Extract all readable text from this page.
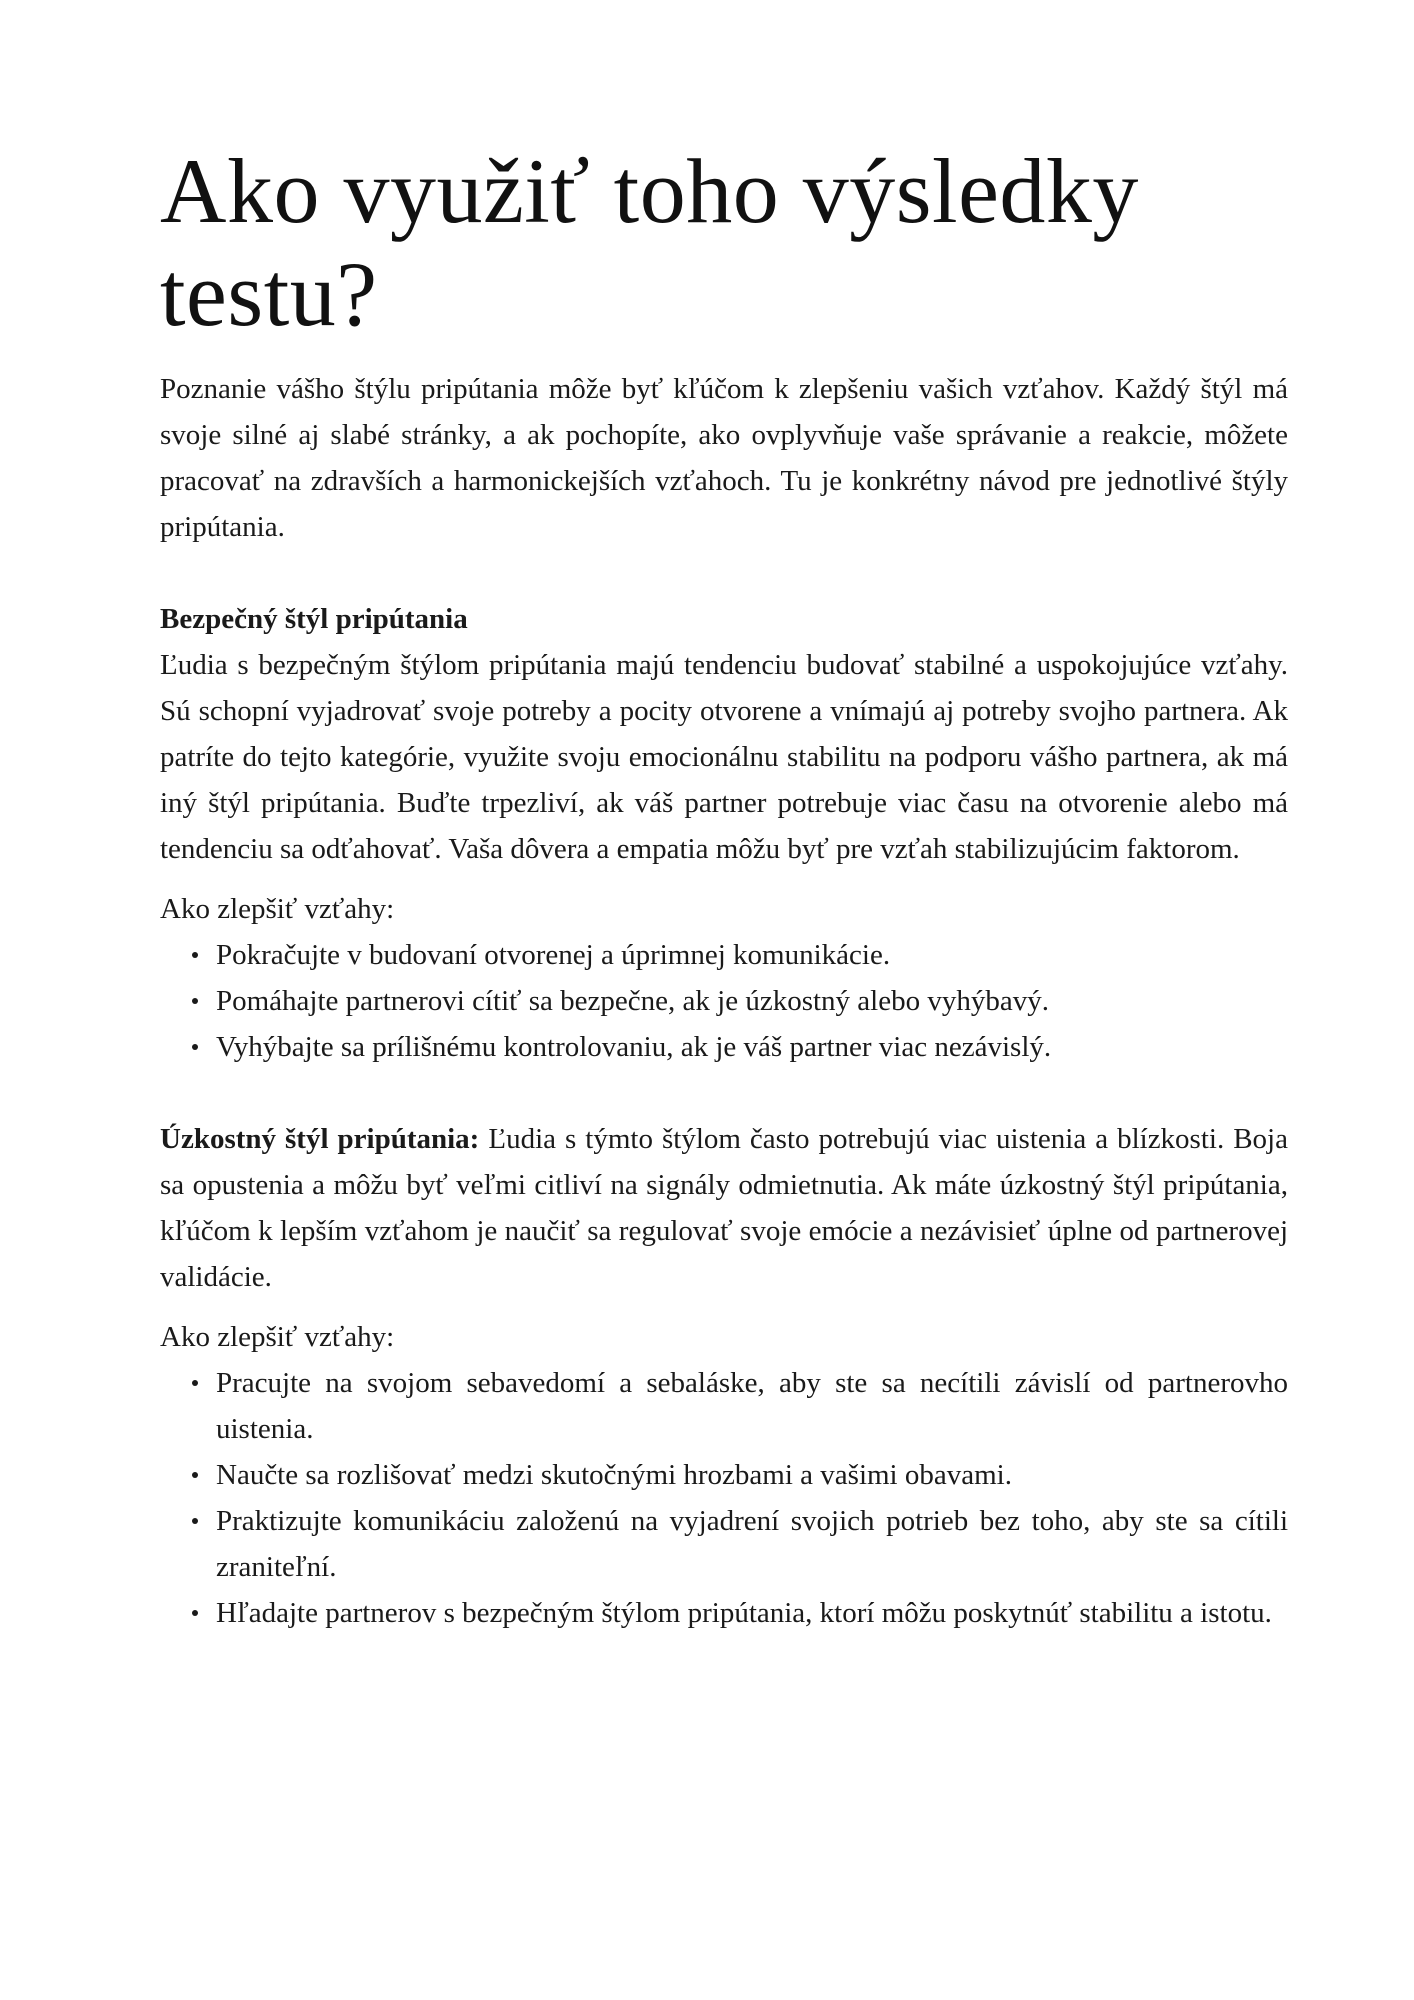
Ako využiť toho výsledky testu?

Poznanie vášho štýlu pripútania môže byť kľúčom k zlepšeniu vašich vzťahov. Každý štýl má svoje silné aj slabé stránky, a ak pochopíte, ako ovplyvňuje vaše správanie a reakcie, môžete pracovať na zdravších a harmonickejších vzťahoch. Tu je konkrétny návod pre jednotlivé štýly pripútania.

Bezpečný štýl pripútania

Ľudia s bezpečným štýlom pripútania majú tendenciu budovať stabilné a uspokojujúce vzťahy. Sú schopní vyjadrovať svoje potreby a pocity otvorene a vnímajú aj potreby svojho partnera. Ak patríte do tejto kategórie, využite svoju emocionálnu stabilitu na podporu vášho partnera, ak má iný štýl pripútania. Buďte trpezliví, ak váš partner potrebuje viac času na otvorenie alebo má tendenciu sa odťahovať. Vaša dôvera a empatia môžu byť pre vzťah stabilizujúcim faktorom.

Ako zlepšiť vzťahy:

Pokračujte v budovaní otvorenej a úprimnej komunikácie.
Pomáhajte partnerovi cítiť sa bezpečne, ak je úzkostný alebo vyhýbavý.
Vyhýbajte sa prílišnému kontrolovaniu, ak je váš partner viac nezávislý.

Úzkostný štýl pripútania: Ľudia s týmto štýlom často potrebujú viac uistenia a blízkosti. Boja sa opustenia a môžu byť veľmi citliví na signály odmietnutia. Ak máte úzkostný štýl pripútania, kľúčom k lepším vzťahom je naučiť sa regulovať svoje emócie a nezávisieť úplne od partnerovej validácie.

Ako zlepšiť vzťahy:

Pracujte na svojom sebavedomí a sebaláske, aby ste sa necítili závislí od partnerovho uistenia.
Naučte sa rozlišovať medzi skutočnými hrozbami a vašimi obavami.
Praktizujte komunikáciu založenú na vyjadrení svojich potrieb bez toho, aby ste sa cítili zraniteľní.
Hľadajte partnerov s bezpečným štýlom pripútania, ktorí môžu poskytnúť stabilitu a istotu.
